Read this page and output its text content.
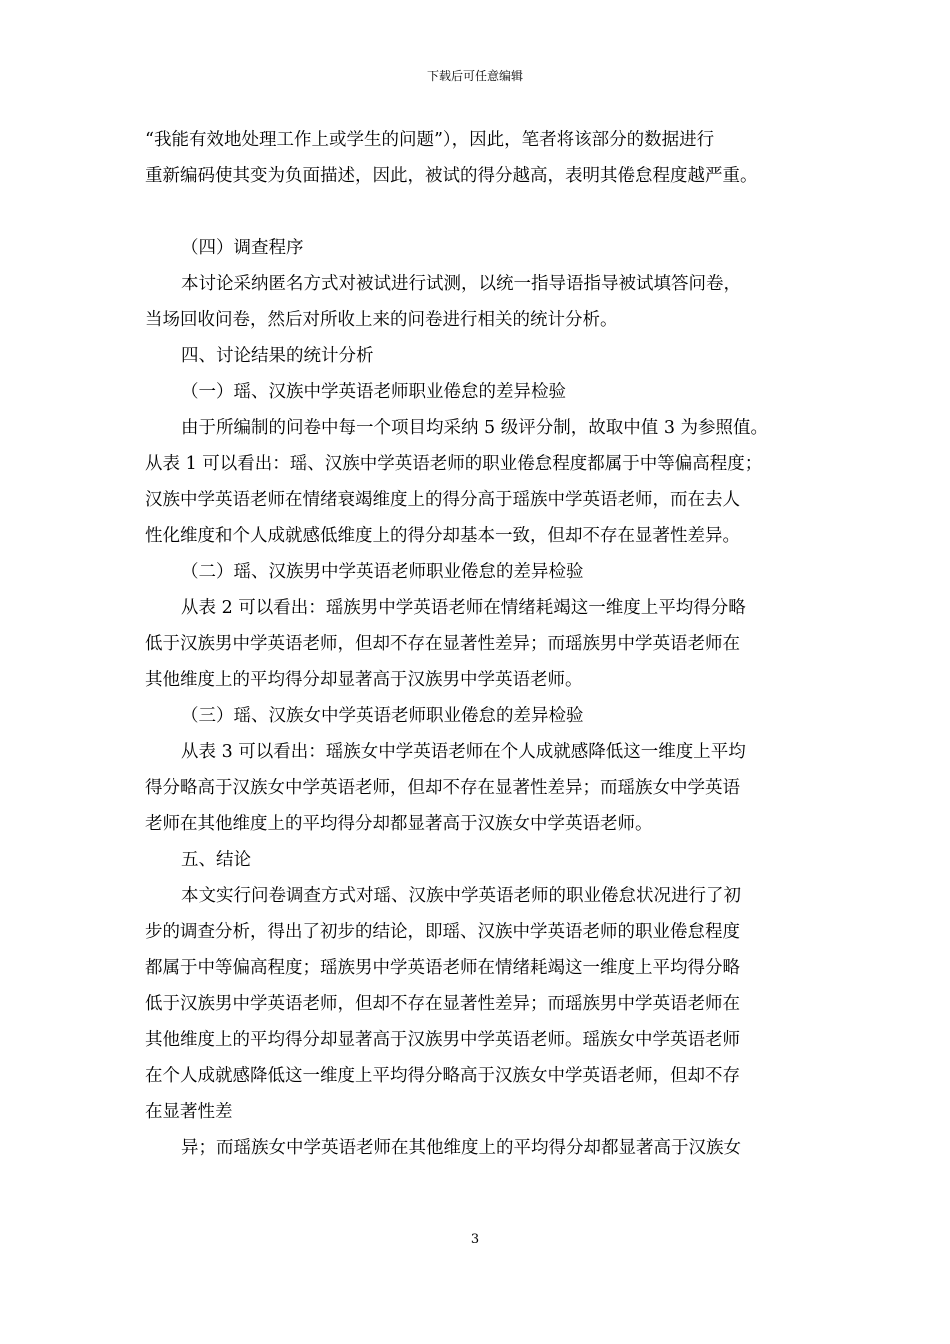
下载后可任意编辑
“我能有效地处理工作上或学生的问题”），因此，笔者将该部分的数据进行
重新编码使其变为负面描述，因此，被试的得分越高，表明其倦怠程度越严重。
（四）调查程序
本讨论采纳匿名方式对被试进行试测，以统一指导语指导被试填答问卷，
当场回收问卷，然后对所收上来的问卷进行相关的统计分析。
四、讨论结果的统计分析
（一）瑶、汉族中学英语老师职业倦怠的差异检验
由于所编制的问卷中每一个项目均采纳 5 级评分制，故取中值 3 为参照值。
从表 1 可以看出：瑶、汉族中学英语老师的职业倦怠程度都属于中等偏高程度；
汉族中学英语老师在情绪衰竭维度上的得分高于瑶族中学英语老师，而在去人
性化维度和个人成就感低维度上的得分却基本一致，但却不存在显著性差异。
（二）瑶、汉族男中学英语老师职业倦怠的差异检验
从表 2 可以看出：瑶族男中学英语老师在情绪耗竭这一维度上平均得分略
低于汉族男中学英语老师，但却不存在显著性差异；而瑶族男中学英语老师在
其他维度上的平均得分却显著高于汉族男中学英语老师。
（三）瑶、汉族女中学英语老师职业倦怠的差异检验
从表 3 可以看出：瑶族女中学英语老师在个人成就感降低这一维度上平均
得分略高于汉族女中学英语老师，但却不存在显著性差异；而瑶族女中学英语
老师在其他维度上的平均得分却都显著高于汉族女中学英语老师。
五、结论
本文实行问卷调查方式对瑶、汉族中学英语老师的职业倦怠状况进行了初
步的调查分析，得出了初步的结论，即瑶、汉族中学英语老师的职业倦怠程度
都属于中等偏高程度；瑶族男中学英语老师在情绪耗竭这一维度上平均得分略
低于汉族男中学英语老师，但却不存在显著性差异；而瑶族男中学英语老师在
其他维度上的平均得分却显著高于汉族男中学英语老师。瑶族女中学英语老师
在个人成就感降低这一维度上平均得分略高于汉族女中学英语老师，但却不存
在显著性差
异；而瑶族女中学英语老师在其他维度上的平均得分却都显著高于汉族女
3
